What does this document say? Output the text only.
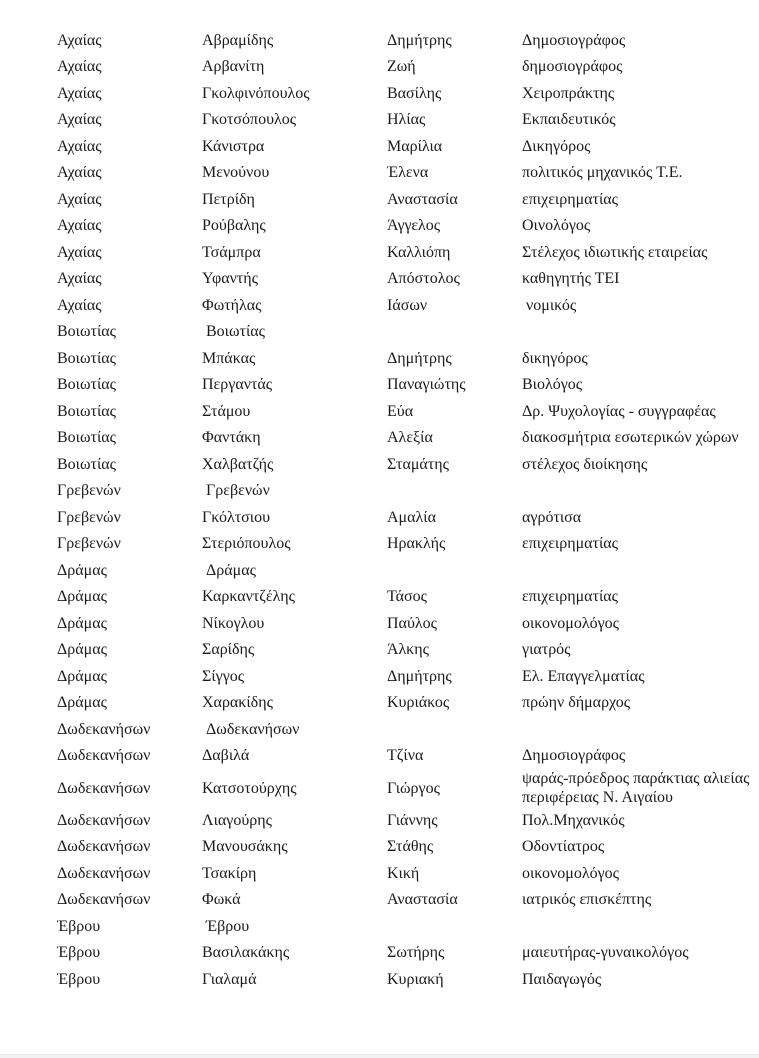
Αχαίας	Αβραμίδης	Δημήτρης	Δημοσιογράφος
Αχαίας	Αρβανίτη	Ζωή	δημοσιογράφος
Αχαίας	Γκολφινόπουλος	Βασίλης	Χειροπράκτης
Αχαίας	Γκοτσόπουλος	Ηλίας	Εκπαιδευτικός
Αχαίας	Κάνιστρα	Μαρίλια	Δικηγόρος
Αχαίας	Μενούνου	Έλενα	πολιτικός μηχανικός Τ.Ε.
Αχαίας	Πετρίδη	Αναστασία	επιχειρηματίας
Αχαίας	Ρούβαλης	Άγγελος	Οινολόγος
Αχαίας	Τσάμπρα	Καλλιόπη	Στέλεχος ιδιωτικής εταιρείας
Αχαίας	Υφαντής	Απόστολος	καθηγητής ΤΕΙ
Αχαίας	Φωτήλας	Ιάσων	νομικός
Βοιωτίας	Βοιωτίας		
Βοιωτίας	Μπάκας	Δημήτρης	δικηγόρος
Βοιωτίας	Περγαντάς	Παναγιώτης	Βιολόγος
Βοιωτίας	Στάμου	Εύα	Δρ. Ψυχολογίας - συγγραφέας
Βοιωτίας	Φαντάκη	Αλεξία	διακοσμήτρια εσωτερικών χώρων
Βοιωτίας	Χαλβατζής	Σταμάτης	στέλεχος διοίκησης
Γρεβενών	Γρεβενών		
Γρεβενών	Γκόλτσιου	Αμαλία	αγρότισα
Γρεβενών	Στεριόπουλος	Ηρακλής	επιχειρηματίας
Δράμας	Δράμας		
Δράμας	Καρκαντζέλης	Τάσος	επιχειρηματίας
Δράμας	Νίκογλου	Παύλος	οικονομολόγος
Δράμας	Σαρίδης	Άλκης	γιατρός
Δράμας	Σίγγος	Δημήτρης	Ελ. Επαγγελματίας
Δράμας	Χαρακίδης	Κυριάκος	πρώην δήμαρχος
Δωδεκανήσων	Δωδεκανήσων		
Δωδεκανήσων	Δαβιλά	Τζίνα	Δημοσιογράφος
Δωδεκανήσων	Κατσοτούρχης	Γιώργος	ψαράς-πρόεδρος παράκτιας αλιείας περιφέρειας Ν. Αιγαίου
Δωδεκανήσων	Λιαγούρης	Γιάννης	Πολ.Μηχανικός
Δωδεκανήσων	Μανουσάκης	Στάθης	Οδοντίατρος
Δωδεκανήσων	Τσακίρη	Κική	οικονομολόγος
Δωδεκανήσων	Φωκά	Αναστασία	ιατρικός επισκέπτης
Έβρου	Έβρου		
Έβρου	Βασιλακάκης	Σωτήρης	μαιευτήρας-γυναικολόγος
Έβρου	Γιαλαμά	Κυριακή	Παιδαγωγός
